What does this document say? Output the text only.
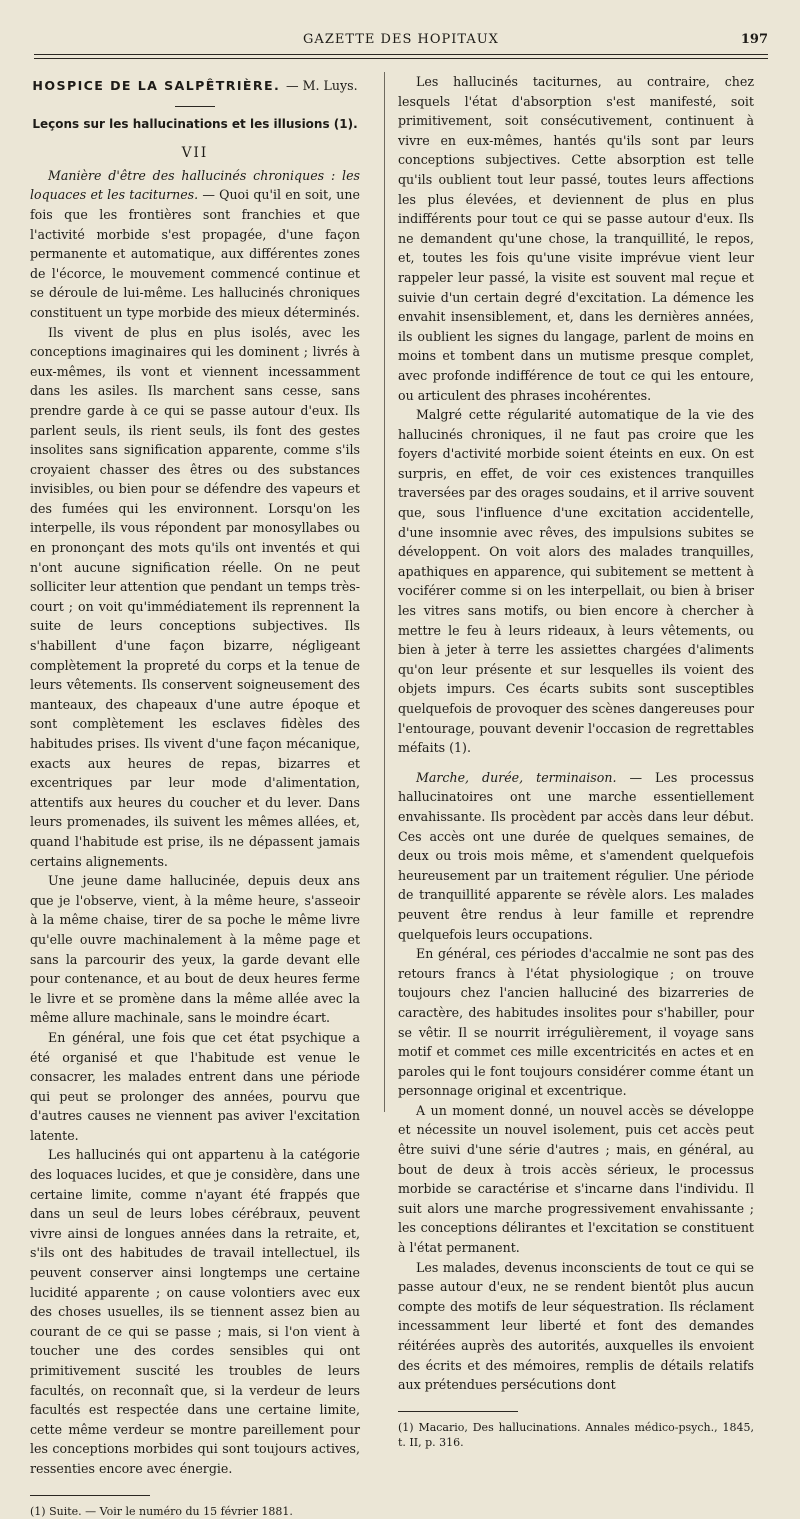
GAZETTE DES HOPITAUX	197
HOSPICE DE LA SALPÊTRIÈRE. — M. Luys.
Leçons sur les hallucinations et les illusions (1).
VII

Manière d'être des hallucinés chroniques : les loquaces et les taciturnes. — Quoi qu'il en soit, une fois que les frontières sont franchies et que l'activité morbide s'est propagée, d'une façon permanente et automatique, aux différentes zones de l'écorce, le mouvement commencé continue et se déroule de lui-même. Les hallucinés chroniques constituent un type morbide des mieux déterminés.

Ils vivent de plus en plus isolés, avec les conceptions imaginaires qui les dominent ; livrés à eux-mêmes, ils vont et viennent incessamment dans les asiles. Ils marchent sans cesse, sans prendre garde à ce qui se passe autour d'eux. Ils parlent seuls, ils rient seuls, ils font des gestes insolites sans signification apparente, comme s'ils croyaient chasser des êtres ou des substances invisibles, ou bien pour se défendre des vapeurs et des fumées qui les environnent. Lorsqu'on les interpelle, ils vous répondent par monosyllabes ou en prononçant des mots qu'ils ont inventés et qui n'ont aucune signification réelle. On ne peut solliciter leur attention que pendant un temps très-court ; on voit qu'immédiatement ils reprennent la suite de leurs conceptions subjectives. Ils s'habillent d'une façon bizarre, négligeant complètement la propreté du corps et la tenue de leurs vêtements. Ils conservent soigneusement des manteaux, des chapeaux d'une autre époque et sont complètement les esclaves fidèles des habitudes prises. Ils vivent d'une façon mécanique, exacts aux heures de repas, bizarres et excentriques par leur mode d'alimentation, attentifs aux heures du coucher et du lever. Dans leurs promenades, ils suivent les mêmes allées, et, quand l'habitude est prise, ils ne dépassent jamais certains alignements.

Une jeune dame hallucinée, depuis deux ans que je l'observe, vient, à la même heure, s'asseoir à la même chaise, tirer de sa poche le même livre qu'elle ouvre machinalement à la même page et sans la parcourir des yeux, la garde devant elle pour contenance, et au bout de deux heures ferme le livre et se promène dans la même allée avec la même allure machinale, sans le moindre écart.

En général, une fois que cet état psychique a été organisé et que l'habitude est venue le consacrer, les malades entrent dans une période qui peut se prolonger des années, pourvu que d'autres causes ne viennent pas aviver l'excitation latente.

Les hallucinés qui ont appartenu à la catégorie des loquaces lucides, et que je considère, dans une certaine limite, comme n'ayant été frappés que dans un seul de leurs lobes cérébraux, peuvent vivre ainsi de longues années dans la retraite, et, s'ils ont des habitudes de travail intellectuel, ils peuvent conserver ainsi longtemps une certaine lucidité apparente ; on cause volontiers avec eux des choses usuelles, ils se tiennent assez bien au courant de ce qui se passe ; mais, si l'on vient à toucher une des cordes sensibles qui ont primitivement suscité les troubles de leurs facultés, on reconnaît que, si la verdeur de leurs facultés est respectée dans une certaine limite, cette même verdeur se montre pareillement pour les conceptions morbides qui sont toujours actives, ressenties encore avec énergie.

(1) Suite. — Voir le numéro du 15 février 1881.

Les hallucinés taciturnes, au contraire, chez lesquels l'état d'absorption s'est manifesté, soit primitivement, soit consécutivement, continuent à vivre en eux-mêmes, hantés qu'ils sont par leurs conceptions subjectives. Cette absorption est telle qu'ils oublient tout leur passé, toutes leurs affections les plus élevées, et deviennent de plus en plus indifférents pour tout ce qui se passe autour d'eux. Ils ne demandent qu'une chose, la tranquillité, le repos, et, toutes les fois qu'une visite imprévue vient leur rappeler leur passé, la visite est souvent mal reçue et suivie d'un certain degré d'excitation. La démence les envahit insensiblement, et, dans les dernières années, ils oublient les signes du langage, parlent de moins en moins et tombent dans un mutisme presque complet, avec profonde indifférence de tout ce qui les entoure, ou articulent des phrases incohérentes.

Malgré cette régularité automatique de la vie des hallucinés chroniques, il ne faut pas croire que les foyers d'activité morbide soient éteints en eux. On est surpris, en effet, de voir ces existences tranquilles traversées par des orages soudains, et il arrive souvent que, sous l'influence d'une excitation accidentelle, d'une insomnie avec rêves, des impulsions subites se développent. On voit alors des malades tranquilles, apathiques en apparence, qui subitement se mettent à vociférer comme si on les interpellait, ou bien à briser les vitres sans motifs, ou bien encore à chercher à mettre le feu à leurs rideaux, à leurs vêtements, ou bien à jeter à terre les assiettes chargées d'aliments qu'on leur présente et sur lesquelles ils voient des objets impurs. Ces écarts subits sont susceptibles quelquefois de provoquer des scènes dangereuses pour l'entourage, pouvant devenir l'occasion de regrettables méfaits (1).

Marche, durée, terminaison. — Les processus hallucinatoires ont une marche essentiellement envahissante. Ils procèdent par accès dans leur début. Ces accès ont une durée de quelques semaines, de deux ou trois mois même, et s'amendent quelquefois heureusement par un traitement régulier. Une période de tranquillité apparente se révèle alors. Les malades peuvent être rendus à leur famille et reprendre quelquefois leurs occupations.

En général, ces périodes d'accalmie ne sont pas des retours francs à l'état physiologique ; on trouve toujours chez l'ancien halluciné des bizarreries de caractère, des habitudes insolites pour s'habiller, pour se vêtir. Il se nourrit irrégulièrement, il voyage sans motif et commet ces mille excentricités en actes et en paroles qui le font toujours considérer comme étant un personnage original et excentrique.

A un moment donné, un nouvel accès se développe et nécessite un nouvel isolement, puis cet accès peut être suivi d'une série d'autres ; mais, en général, au bout de deux à trois accès sérieux, le processus morbide se caractérise et s'incarne dans l'individu. Il suit alors une marche progressivement envahissante ; les conceptions délirantes et l'excitation se constituent à l'état permanent.

Les malades, devenus inconscients de tout ce qui se passe autour d'eux, ne se rendent bientôt plus aucun compte des motifs de leur séquestration. Ils réclament incessamment leur liberté et font des demandes réitérées auprès des autorités, auxquelles ils envoient des écrits et des mémoires, remplis de détails relatifs aux prétendues persécutions dont

(1) Macario, Des hallucinations. Annales médico-psych., 1845, t. II, p. 316.
